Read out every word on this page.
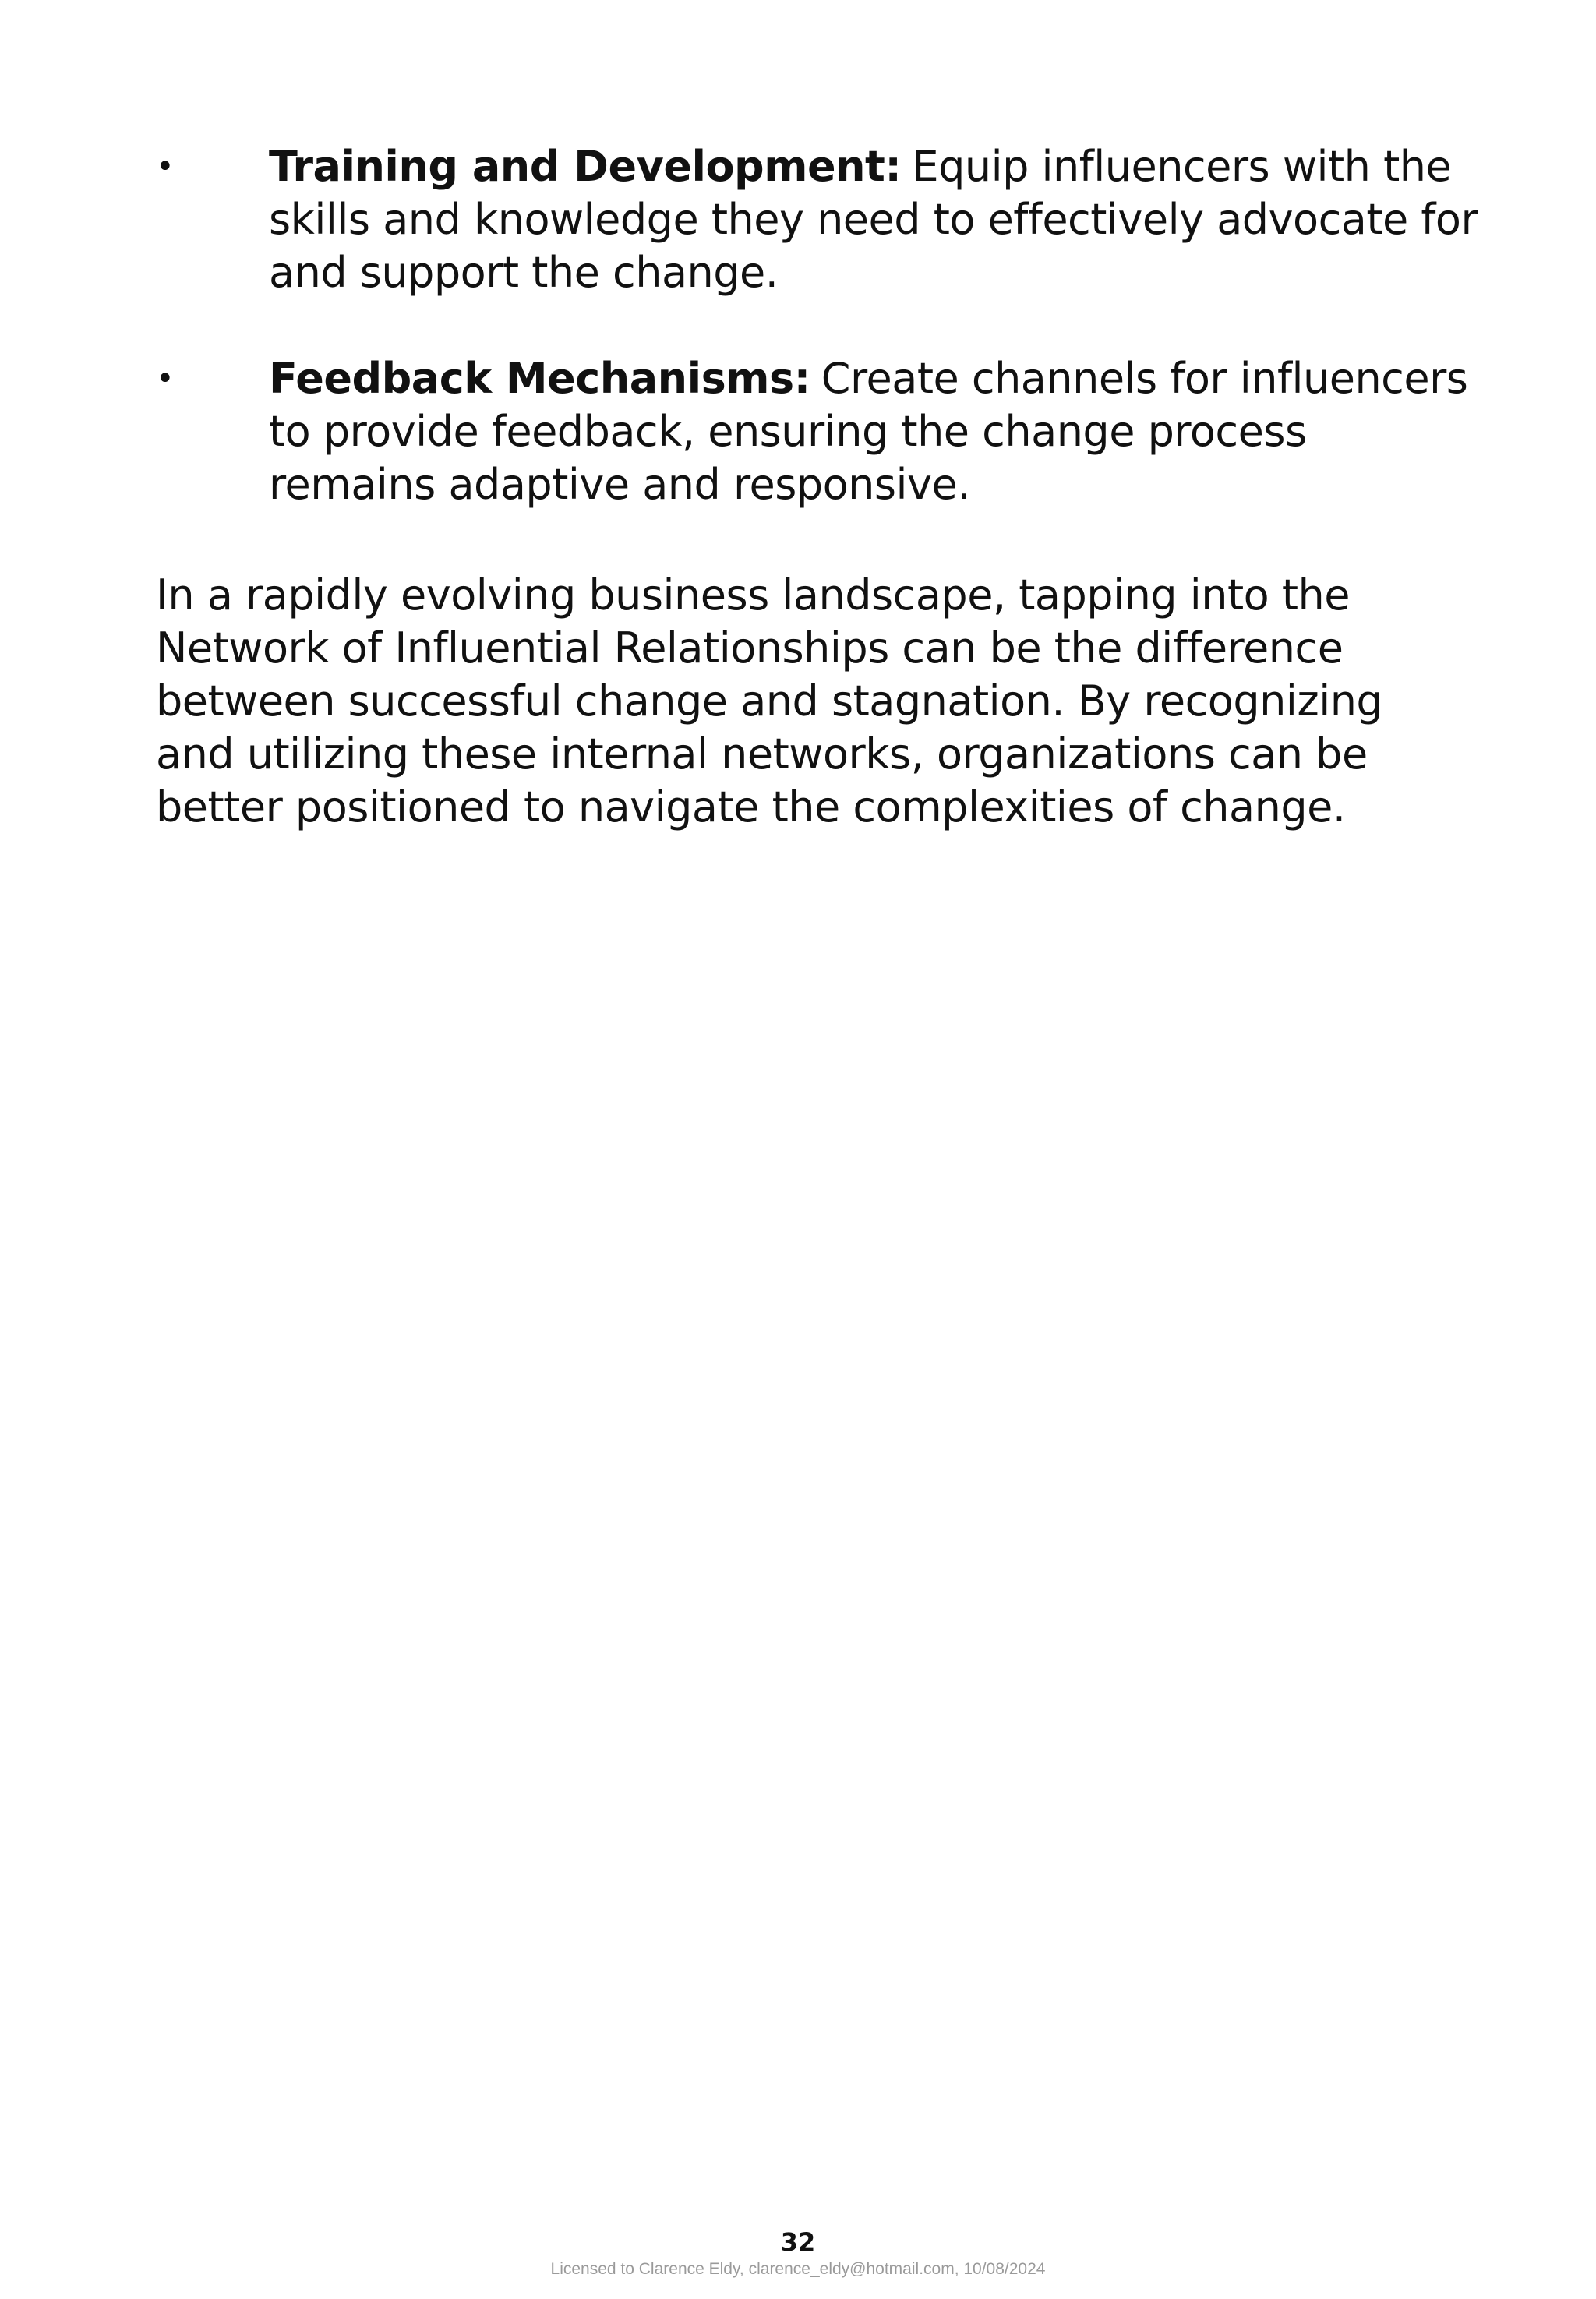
•	Training and Development: Equip influencers with the skills and knowledge they need to effectively advocate for and support the change.
•	Feedback Mechanisms: Create channels for influencers to provide feedback, ensuring the change process remains adaptive and responsive.

In a rapidly evolving business landscape, tapping into the Network of Influential Relationships can be the difference between successful change and stagnation. By recognizing and utilizing these internal networks, organizations can be better positioned to navigate the complexities of change.

32
Licensed to Clarence Eldy, clarence_eldy@hotmail.com, 10/08/2024
